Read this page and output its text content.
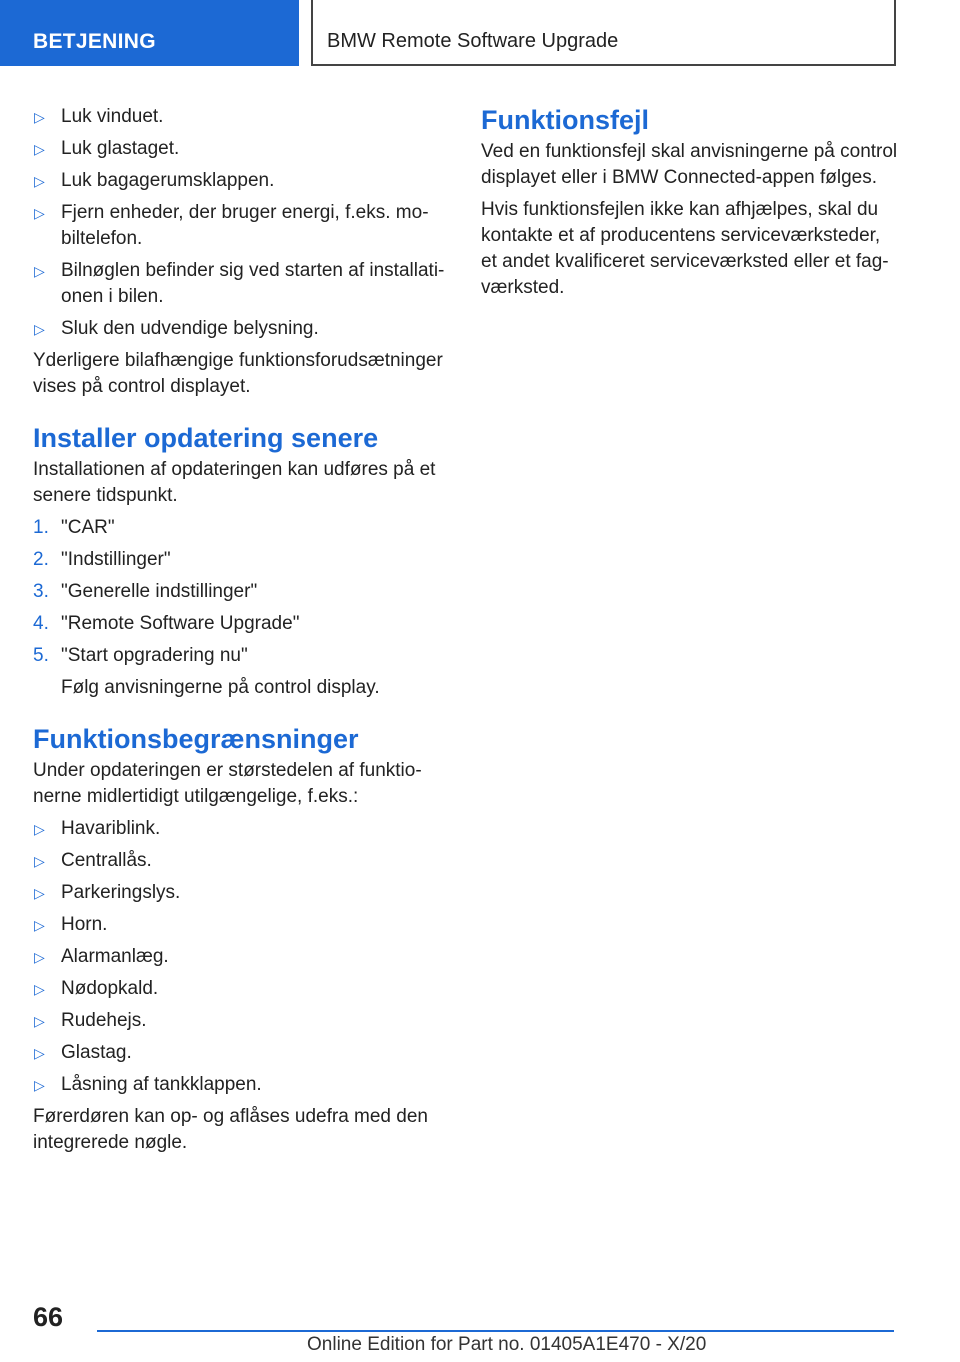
BETJENING	BMW Remote Software Upgrade
▷ Luk vinduet.
▷ Luk glastaget.
▷ Luk bagagerumsklappen.
▷ Fjern enheder, der bruger energi, f.eks. mobiltelefon.
▷ Bilnøglen befinder sig ved starten af installationen i bilen.
▷ Sluk den udvendige belysning.

Yderligere bilafhængige funktionsforudsætninger vises på control displayet.

Installer opdatering senere

Installationen af opdateringen kan udføres på et senere tidspunkt.

1. "CAR"
2. "Indstillinger"
3. "Generelle indstillinger"
4. "Remote Software Upgrade"
5. "Start opgradering nu"

Følg anvisningerne på control display.

Funktionsbegrænsninger

Under opdateringen er størstedelen af funktionerne midlertidigt utilgængelige, f.eks.:

▷ Havariblink.
▷ Centrallås.
▷ Parkeringslys.
▷ Horn.
▷ Alarmanlæg.
▷ Nødopkald.
▷ Rudehejs.
▷ Glastag.
▷ Låsning af tankklappen.

Førerdøren kan op- og aflåses udefra med den integrerede nøgle.

Funktionsfejl

Ved en funktionsfejl skal anvisningerne på control displayet eller i BMW Connected-appen følges.

Hvis funktionsfejlen ikke kan afhjælpes, skal du kontakte et af producentens serviceværksteder, et andet kvalificeret serviceværksted eller et fagværksted.

66
Online Edition for Part no. 01405A1E470 - X/20
